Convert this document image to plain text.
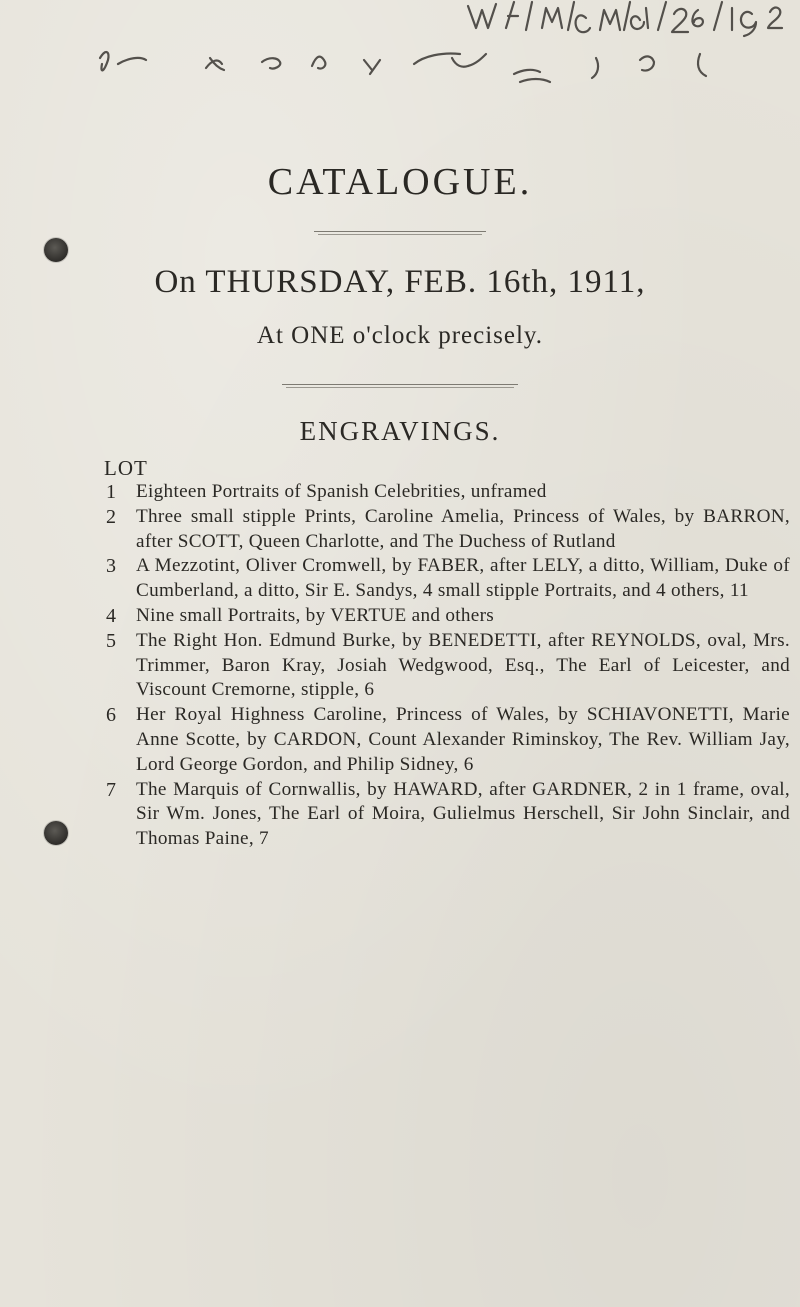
CATALOGUE.
On THURSDAY, FEB. 16th, 1911,
At ONE o'clock precisely.
ENGRAVINGS.
LOT
1	Eighteen Portraits of Spanish Celebrities, unframed
2	Three small stipple Prints, Caroline Amelia, Princess of Wales, by BARRON, after SCOTT, Queen Charlotte, and The Duchess of Rutland
3	A Mezzotint, Oliver Cromwell, by FABER, after LELY, a ditto, William, Duke of Cumberland, a ditto, Sir E. Sandys, 4 small stipple Portraits, and 4 others, 11
4	Nine small Portraits, by VERTUE and others
5	The Right Hon. Edmund Burke, by BENEDETTI, after REYNOLDS, oval, Mrs. Trimmer, Baron Kray, Josiah Wedgwood, Esq., The Earl of Leicester, and Viscount Cremorne, stipple, 6
6	Her Royal Highness Caroline, Princess of Wales, by SCHIAVONETTI, Marie Anne Scotte, by CARDON, Count Alexander Riminskoy, The Rev. William Jay, Lord George Gordon, and Philip Sidney, 6
7	The Marquis of Cornwallis, by HAWARD, after GARDNER, 2 in 1 frame, oval, Sir Wm. Jones, The Earl of Moira, Gulielmus Herschell, Sir John Sinclair, and Thomas Paine, 7
